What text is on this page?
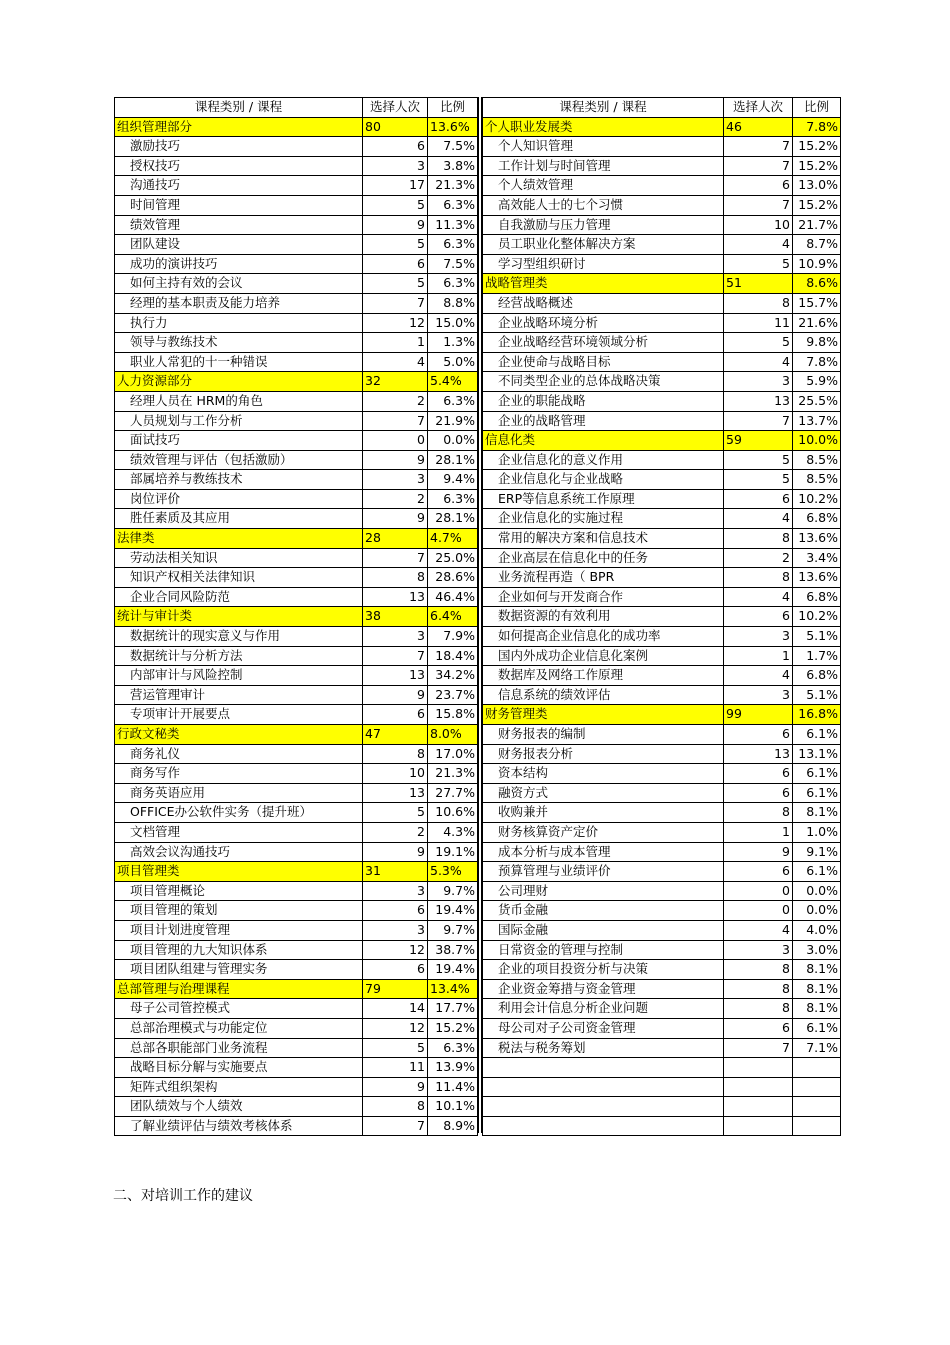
课程类别 / 课程	选择人次	比例
组织管理部分	80	13.6%
激励技巧	6	7.5%
授权技巧	3	3.8%
沟通技巧	17	21.3%
时间管理	5	6.3%
绩效管理	9	11.3%
团队建设	5	6.3%
成功的演讲技巧	6	7.5%
如何主持有效的会议	5	6.3%
经理的基本职责及能力培养	7	8.8%
执行力	12	15.0%
领导与教练技术	1	1.3%
职业人常犯的十一种错误	4	5.0%
人力资源部分	32	5.4%
经理人员在 HRM的角色	2	6.3%
人员规划与工作分析	7	21.9%
面试技巧	0	0.0%
绩效管理与评估（包括激励）	9	28.1%
部属培养与教练技术	3	9.4%
岗位评价	2	6.3%
胜任素质及其应用	9	28.1%
法律类	28	4.7%
劳动法相关知识	7	25.0%
知识产权相关法律知识	8	28.6%
企业合同风险防范	13	46.4%
统计与审计类	38	6.4%
数据统计的现实意义与作用	3	7.9%
数据统计与分析方法	7	18.4%
内部审计与风险控制	13	34.2%
营运管理审计	9	23.7%
专项审计开展要点	6	15.8%
行政文秘类	47	8.0%
商务礼仪	8	17.0%
商务写作	10	21.3%
商务英语应用	13	27.7%
OFFICE办公软件实务（提升班）	5	10.6%
文档管理	2	4.3%
高效会议沟通技巧	9	19.1%
项目管理类	31	5.3%
项目管理概论	3	9.7%
项目管理的策划	6	19.4%
项目计划进度管理	3	9.7%
项目管理的九大知识体系	12	38.7%
项目团队组建与管理实务	6	19.4%
总部管理与治理课程	79	13.4%
母子公司管控模式	14	17.7%
总部治理模式与功能定位	12	15.2%
总部各职能部门业务流程	5	6.3%
战略目标分解与实施要点	11	13.9%
矩阵式组织架构	9	11.4%
团队绩效与个人绩效	8	10.1%
了解业绩评估与绩效考核体系	7	8.9%
课程类别 / 课程	选择人次	比例
个人职业发展类	46	7.8%
个人知识管理	7	15.2%
工作计划与时间管理	7	15.2%
个人绩效管理	6	13.0%
高效能人士的七个习惯	7	15.2%
自我激励与压力管理	10	21.7%
员工职业化整体解决方案	4	8.7%
学习型组织研讨	5	10.9%
战略管理类	51	8.6%
经营战略概述	8	15.7%
企业战略环境分析	11	21.6%
企业战略经营环境领域分析	5	9.8%
企业使命与战略目标	4	7.8%
不同类型企业的总体战略决策	3	5.9%
企业的职能战略	13	25.5%
企业的战略管理	7	13.7%
信息化类	59	10.0%
企业信息化的意义作用	5	8.5%
企业信息化与企业战略	5	8.5%
ERP等信息系统工作原理	6	10.2%
企业信息化的实施过程	4	6.8%
常用的解决方案和信息技术	8	13.6%
企业高层在信息化中的任务	2	3.4%
业务流程再造（ BPR	8	13.6%
企业如何与开发商合作	4	6.8%
数据资源的有效利用	6	10.2%
如何提高企业信息化的成功率	3	5.1%
国内外成功企业信息化案例	1	1.7%
数据库及网络工作原理	4	6.8%
信息系统的绩效评估	3	5.1%
财务管理类	99	16.8%
财务报表的编制	6	6.1%
财务报表分析	13	13.1%
资本结构	6	6.1%
融资方式	6	6.1%
收购兼并	8	8.1%
财务核算资产定价	1	1.0%
成本分析与成本管理	9	9.1%
预算管理与业绩评价	6	6.1%
公司理财	0	0.0%
货币金融	0	0.0%
国际金融	4	4.0%
日常资金的管理与控制	3	3.0%
企业的项目投资分析与决策	8	8.1%
企业资金筹措与资金管理	8	8.1%
利用会计信息分析企业问题	8	8.1%
母公司对子公司资金管理	6	6.1%
税法与税务筹划	7	7.1%

二、对培训工作的建议
